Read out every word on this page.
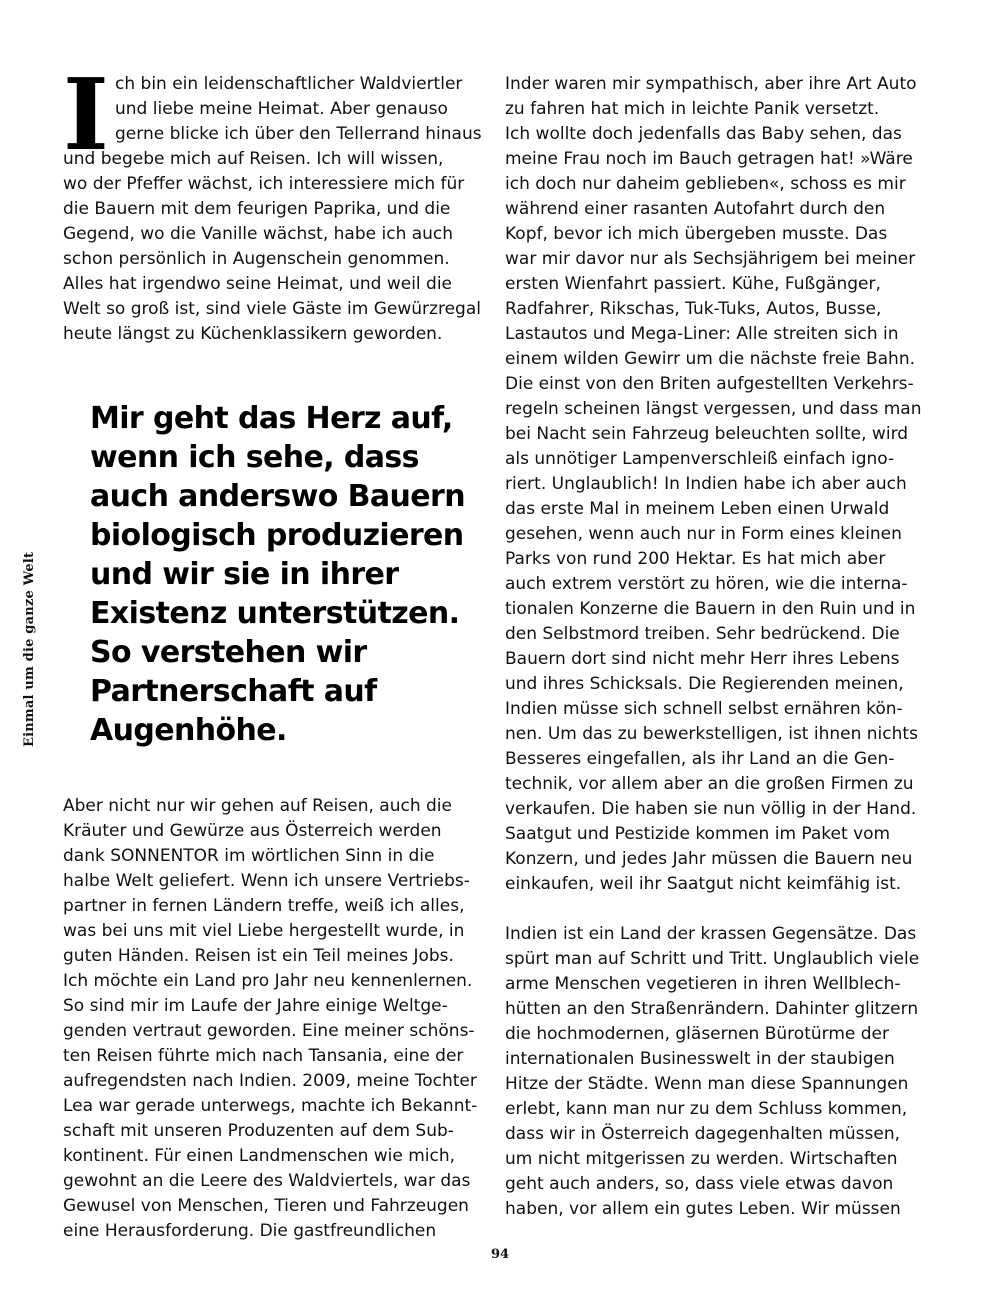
Einmal um die ganze Welt
I ch bin ein leidenschaftlicher Waldviertler
und liebe meine Heimat. Aber genauso
gerne blicke ich über den Tellerrand hinaus
und begebe mich auf Reisen. Ich will wissen,
wo der Pfeffer wächst, ich interessiere mich für
die Bauern mit dem feurigen Paprika, und die
Gegend, wo die Vanille wächst, habe ich auch
schon persönlich in Augenschein genommen.
Alles hat irgendwo seine Heimat, und weil die
Welt so groß ist, sind viele Gäste im Gewürzregal
heute längst zu Küchenklassikern geworden.

Mir geht das Herz auf,
wenn ich sehe, dass
auch anderswo Bauern
biologisch produzieren
und wir sie in ihrer
Existenz unterstützen.
So verstehen wir
Partnerschaft auf
Augenhöhe.

Aber nicht nur wir gehen auf Reisen, auch die
Kräuter und Gewürze aus Österreich werden
dank SONNENTOR im wörtlichen Sinn in die
halbe Welt geliefert. Wenn ich unsere Vertriebs-
partner in fernen Ländern treffe, weiß ich alles,
was bei uns mit viel Liebe hergestellt wurde, in
guten Händen. Reisen ist ein Teil meines Jobs.
Ich möchte ein Land pro Jahr neu kennenlernen.
So sind mir im Laufe der Jahre einige Weltge-
genden vertraut geworden. Eine meiner schöns-
ten Reisen führte mich nach Tansania, eine der
aufregendsten nach Indien. 2009, meine Tochter
Lea war gerade unterwegs, machte ich Bekannt-
schaft mit unseren Produzenten auf dem Sub-
kontinent. Für einen Landmenschen wie mich,
gewohnt an die Leere des Waldviertels, war das
Gewusel von Menschen, Tieren und Fahrzeugen
eine Herausforderung. Die gastfreundlichen

Inder waren mir sympathisch, aber ihre Art Auto
zu fahren hat mich in leichte Panik versetzt.
Ich wollte doch jedenfalls das Baby sehen, das
meine Frau noch im Bauch getragen hat! »Wäre
ich doch nur daheim geblieben«, schoss es mir
während einer rasanten Autofahrt durch den
Kopf, bevor ich mich übergeben musste. Das
war mir davor nur als Sechsjährigem bei meiner
ersten Wienfahrt passiert. Kühe, Fußgänger,
Radfahrer, Rikschas, Tuk-Tuks, Autos, Busse,
Lastautos und Mega-Liner: Alle streiten sich in
einem wilden Gewirr um die nächste freie Bahn.
Die einst von den Briten aufgestellten Verkehrs-
regeln scheinen längst vergessen, und dass man
bei Nacht sein Fahrzeug beleuchten sollte, wird
als unnötiger Lampenverschleiß einfach igno-
riert. Unglaublich! In Indien habe ich aber auch
das erste Mal in meinem Leben einen Urwald
gesehen, wenn auch nur in Form eines kleinen
Parks von rund 200 Hektar. Es hat mich aber
auch extrem verstört zu hören, wie die interna-
tionalen Konzerne die Bauern in den Ruin und in
den Selbstmord treiben. Sehr bedrückend. Die
Bauern dort sind nicht mehr Herr ihres Lebens
und ihres Schicksals. Die Regierenden meinen,
Indien müsse sich schnell selbst ernähren kön-
nen. Um das zu bewerkstelligen, ist ihnen nichts
Besseres eingefallen, als ihr Land an die Gen-
technik, vor allem aber an die großen Firmen zu
verkaufen. Die haben sie nun völlig in der Hand.
Saatgut und Pestizide kommen im Paket vom
Konzern, und jedes Jahr müssen die Bauern neu
einkaufen, weil ihr Saatgut nicht keimfähig ist.

Indien ist ein Land der krassen Gegensätze. Das
spürt man auf Schritt und Tritt. Unglaublich viele
arme Menschen vegetieren in ihren Wellblech-
hütten an den Straßenrändern. Dahinter glitzern
die hochmodernen, gläsernen Bürotürme der
internationalen Businesswelt in der staubigen
Hitze der Städte. Wenn man diese Spannungen
erlebt, kann man nur zu dem Schluss kommen,
dass wir in Österreich dagegenhalten müssen,
um nicht mitgerissen zu werden. Wirtschaften
geht auch anders, so, dass viele etwas davon
haben, vor allem ein gutes Leben. Wir müssen

94
